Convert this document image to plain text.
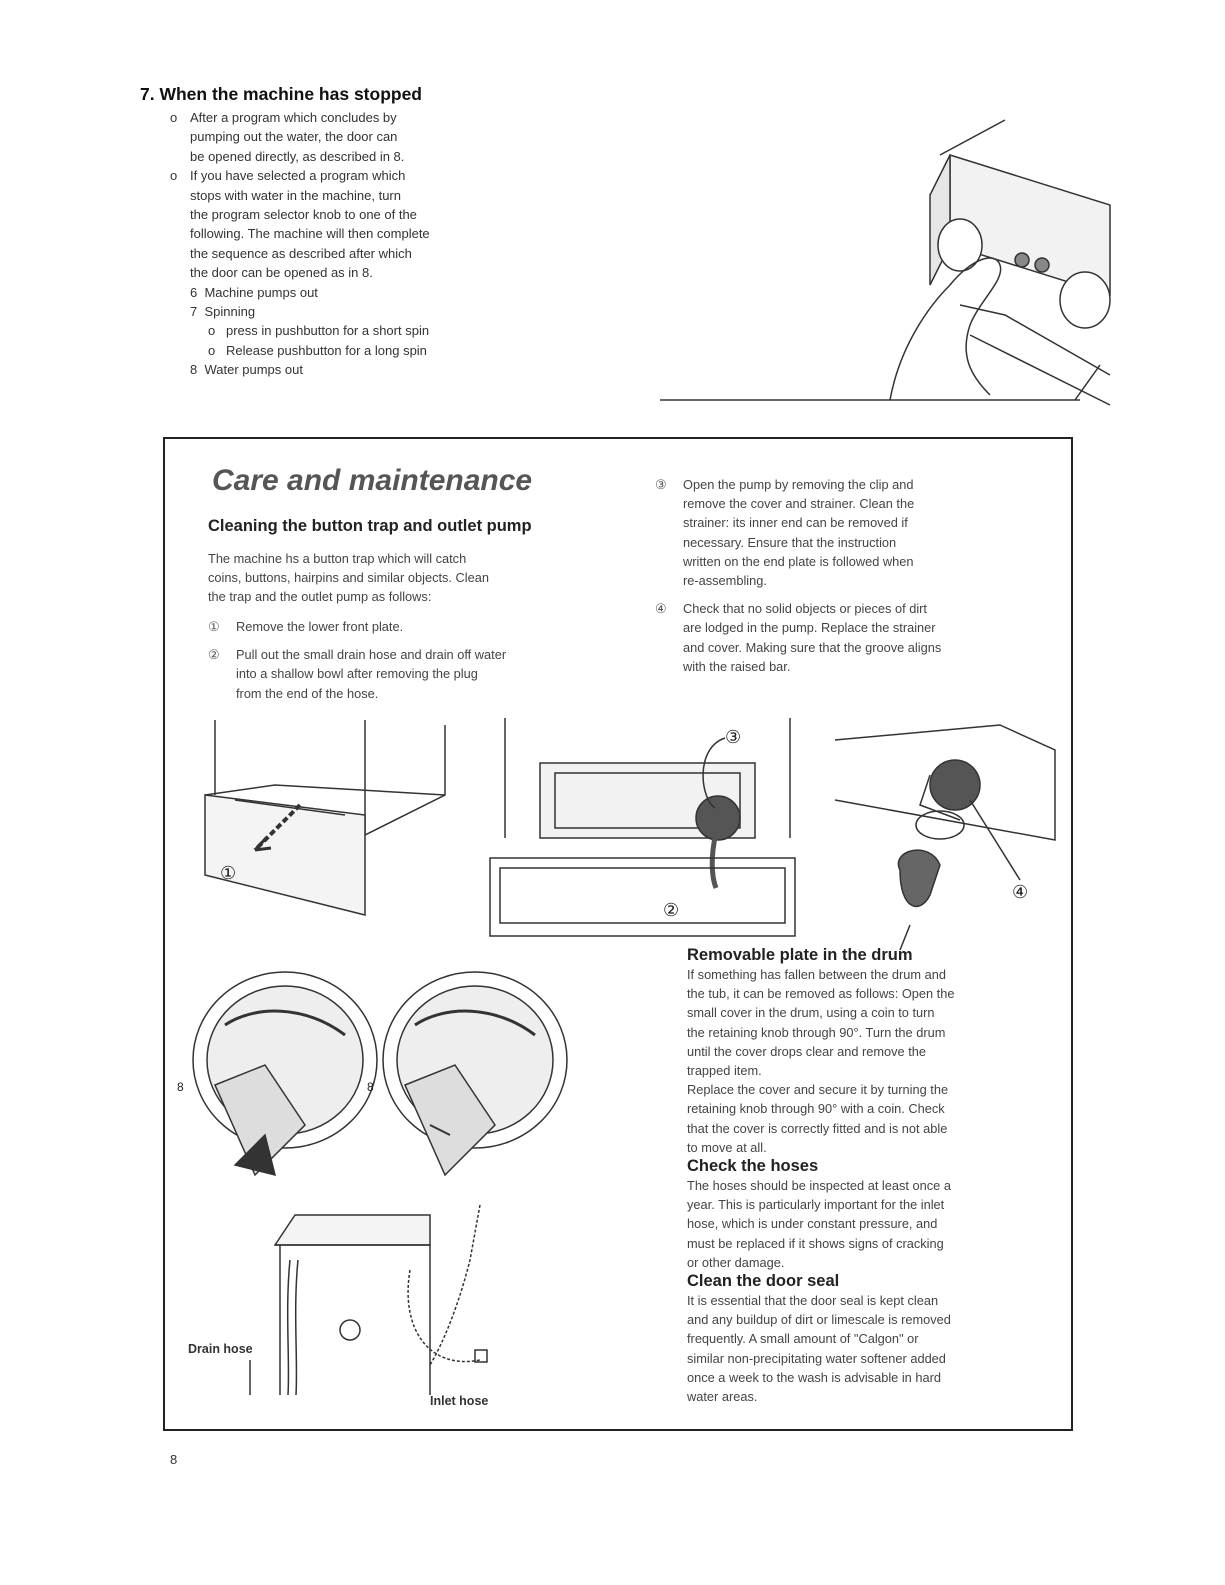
7. When the machine has stopped
o After a program which concludes by
pumping out the water, the door can
be opened directly, as described in 8.
o If you have selected a program which
stops with water in the machine, turn
the program selector knob to one of the
following. The machine will then complete
the sequence as described after which
the door can be opened as in 8.
6 Machine pumps out
7 Spinning
o press in pushbutton for a short spin
o Release pushbutton for a long spin
8 Water pumps out
Care and maintenance
Cleaning the button trap and outlet pump
The machine hs a button trap which will catch
coins, buttons, hairpins and similar objects. Clean
the trap and the outlet pump as follows:
①	Remove the lower front plate.
②	Pull out the small drain hose and drain off water
into a shallow bowl after removing the plug
from the end of the hose.
③	Open the pump by removing the clip and
remove the cover and strainer. Clean the
strainer: its inner end can be removed if
necessary. Ensure that the instruction
written on the end plate is followed when
re-assembling.
④	Check that no solid objects or pieces of dirt
are lodged in the pump. Replace the strainer
and cover. Making sure that the groove aligns
with the raised bar.
①
③
②
④
8	8
Drain hose
Inlet hose
Removable plate in the drum
If something has fallen between the drum and
the tub, it can be removed as follows: Open the
small cover in the drum, using a coin to turn
the retaining knob through 90°. Turn the drum
until the cover drops clear and remove the
trapped item.
Replace the cover and secure it by turning the
retaining knob through 90° with a coin. Check
that the cover is correctly fitted and is not able
to move at all.
Check the hoses
The hoses should be inspected at least once a
year. This is particularly important for the inlet
hose, which is under constant pressure, and
must be replaced if it shows signs of cracking
or other damage.
Clean the door seal
It is essential that the door seal is kept clean
and any buildup of dirt or limescale is removed
frequently. A small amount of "Calgon" or
similar non-precipitating water softener added
once a week to the wash is advisable in hard
water areas.
8
